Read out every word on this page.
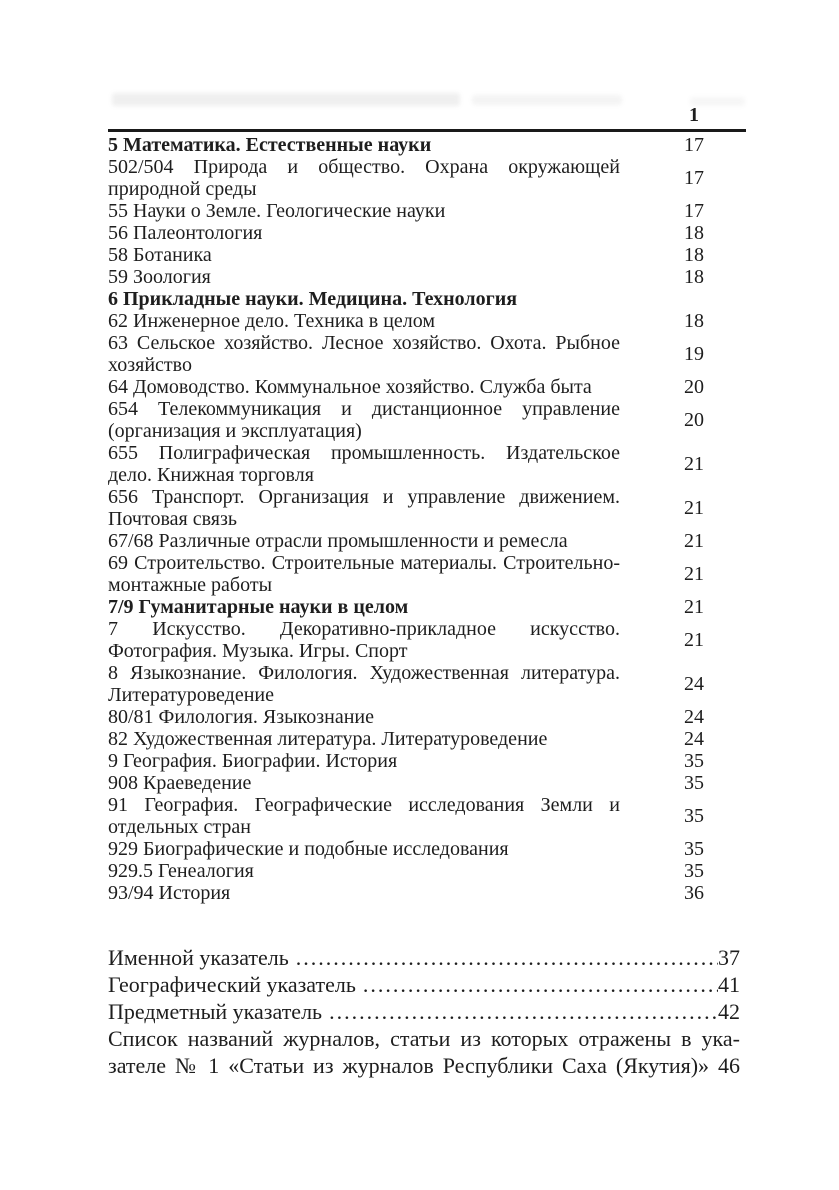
1
5 Математика. Естественные науки	17
502/504 Природа и общество. Охрана окружающей
природной среды	17
55 Науки о Земле. Геологические науки	17
56 Палеонтология	18
58 Ботаника	18
59 Зоология	18
6 Прикладные науки. Медицина. Технология
62 Инженерное дело. Техника в целом	18
63 Сельское хозяйство. Лесное хозяйство. Охота. Рыбное
хозяйство	19
64 Домоводство. Коммунальное хозяйство. Служба быта	20
654 Телекоммуникация и дистанционное управление
(организация и эксплуатация)	20
655 Полиграфическая промышленность. Издательское
дело. Книжная торговля	21
656 Транспорт. Организация и управление движением.
Почтовая связь	21
67/68 Различные отрасли промышленности и ремесла	21
69 Строительство. Строительные материалы. Строительно-
монтажные работы	21
7/9 Гуманитарные науки в целом	21
7 Искусство. Декоративно-прикладное искусство.
Фотография. Музыка. Игры. Спорт	21
8 Языкознание. Филология. Художественная литература.
Литературоведение	24
80/81 Филология. Языкознание	24
82 Художественная литература. Литературоведение	24
9 География. Биографии. История	35
908 Краеведение	35
91 География. Географические исследования Земли и
отдельных стран	35
929 Биографические и подобные исследования	35
929.5 Генеалогия	35
93/94 История	36
Именной указатель .....	37
Географический указатель .....	41
Предметный указатель .....	42
Список названий журналов, статьи из которых отражены в ука-
зателе № 1 «Статьи из журналов Республики Саха (Якутия)» 46
